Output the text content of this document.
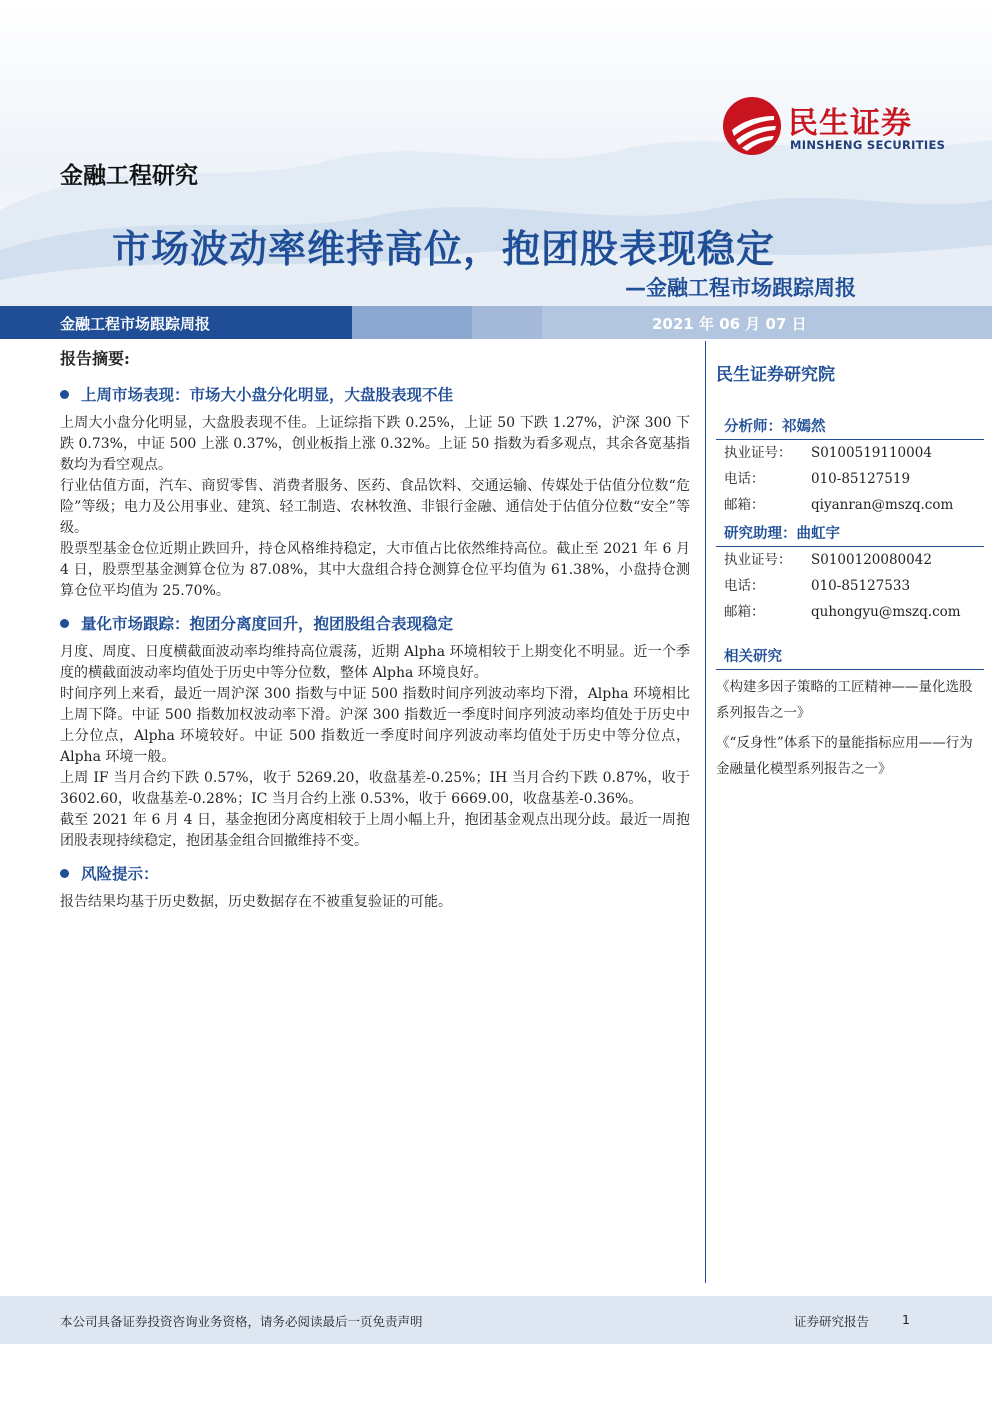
民生证券
MINSHENG SECURITIES
金融工程研究
市场波动率维持高位，抱团股表现稳定
—金融工程市场跟踪周报
金融工程市场跟踪周报	2021 年 06 月 07 日
报告摘要:
上周市场表现：市场大小盘分化明显，大盘股表现不佳

上周大小盘分化明显，大盘股表现不佳。上证综指下跌 0.25%，上证 50 下跌 1.27%，沪深 300 下跌 0.73%，中证 500 上涨 0.37%，创业板指上涨 0.32%。上证 50 指数为看多观点，其余各宽基指数均为看空观点。

行业估值方面，汽车、商贸零售、消费者服务、医药、食品饮料、交通运输、传媒处于估值分位数“危险”等级；电力及公用事业、建筑、轻工制造、农林牧渔、非银行金融、通信处于估值分位数“安全”等级。

股票型基金仓位近期止跌回升，持仓风格维持稳定，大市值占比依然维持高位。截止至 2021 年 6 月 4 日，股票型基金测算仓位为 87.08%，其中大盘组合持仓测算仓位平均值为 61.38%，小盘持仓测算仓位平均值为 25.70%。

量化市场跟踪：抱团分离度回升，抱团股组合表现稳定

月度、周度、日度横截面波动率均维持高位震荡，近期 Alpha 环境相较于上期变化不明显。近一个季度的横截面波动率均值处于历史中等分位数，整体 Alpha 环境良好。

时间序列上来看，最近一周沪深 300 指数与中证 500 指数时间序列波动率均下滑，Alpha 环境相比上周下降。中证 500 指数加权波动率下滑。沪深 300 指数近一季度时间序列波动率均值处于历史中上分位点，Alpha 环境较好。中证 500 指数近一季度时间序列波动率均值处于历史中等分位点，Alpha 环境一般。

上周 IF 当月合约下跌 0.57%，收于 5269.20，收盘基差-0.25%；IH 当月合约下跌 0.87%，收于 3602.60，收盘基差-0.28%；IC 当月合约上涨 0.53%，收于 6669.00，收盘基差-0.36%。

截至 2021 年 6 月 4 日，基金抱团分离度相较于上周小幅上升，抱团基金观点出现分歧。最近一周抱团股表现持续稳定，抱团基金组合回撤维持不变。

风险提示：

报告结果均基于历史数据，历史数据存在不被重复验证的可能。

民生证券研究院
分析师：祁嫣然
执业证号：	S0100519110004
电话：	010-85127519
邮箱：	qiyanran@mszq.com
研究助理：曲虹宇
执业证号：	S0100120080042
电话：	010-85127533
邮箱：	quhongyu@mszq.com
相关研究
《构建多因子策略的工匠精神——量化选股系列报告之一》
《“反身性”体系下的量能指标应用——行为金融量化模型系列报告之一》
本公司具备证券投资咨询业务资格，请务必阅读最后一页免责声明	证券研究报告	1
